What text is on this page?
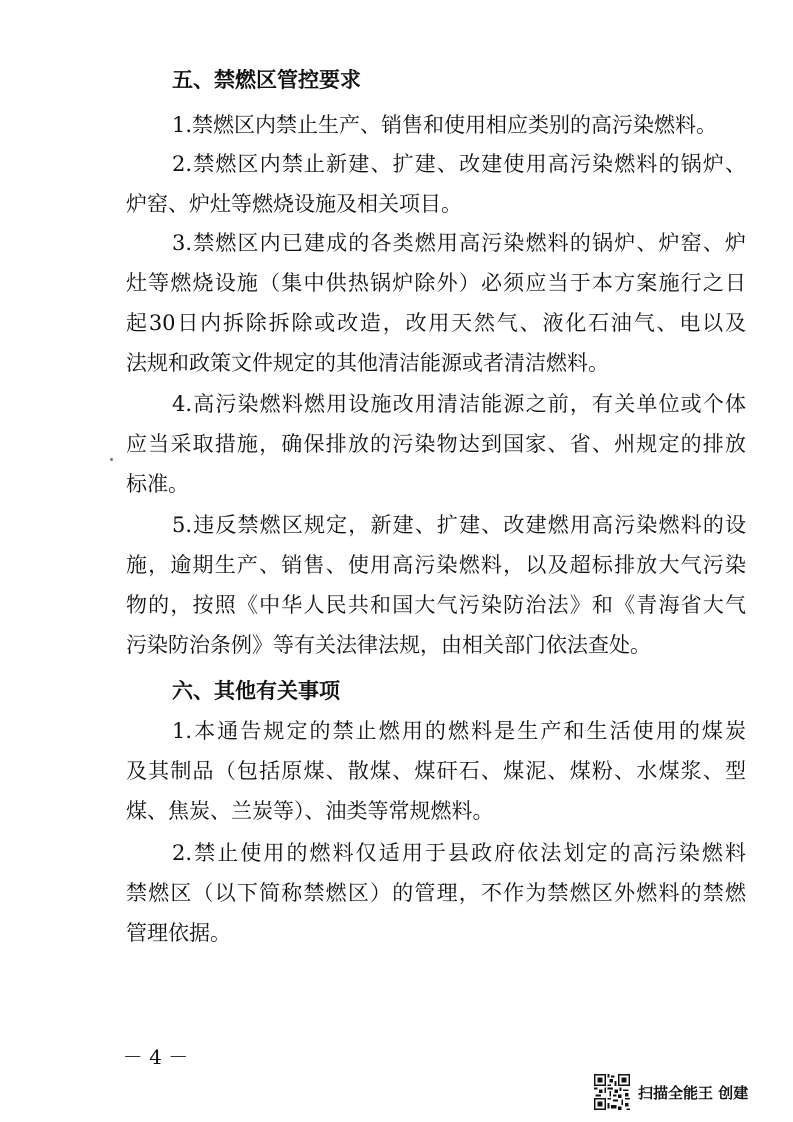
五、禁燃区管控要求
1.禁燃区内禁止生产、销售和使用相应类别的高污染燃料。
2.禁燃区内禁止新建、扩建、改建使用高污染燃料的锅炉、
炉窑、炉灶等燃烧设施及相关项目。
3.禁燃区内已建成的各类燃用高污染燃料的锅炉、炉窑、炉
灶等燃烧设施（集中供热锅炉除外）必须应当于本方案施行之日
起30日内拆除拆除或改造，改用天然气、液化石油气、电以及
法规和政策文件规定的其他清洁能源或者清洁燃料。
4.高污染燃料燃用设施改用清洁能源之前，有关单位或个体
应当采取措施，确保排放的污染物达到国家、省、州规定的排放
标准。
5.违反禁燃区规定，新建、扩建、改建燃用高污染燃料的设
施，逾期生产、销售、使用高污染燃料，以及超标排放大气污染
物的，按照《中华人民共和国大气污染防治法》和《青海省大气
污染防治条例》等有关法律法规，由相关部门依法查处。
六、其他有关事项
1.本通告规定的禁止燃用的燃料是生产和生活使用的煤炭
及其制品（包括原煤、散煤、煤矸石、煤泥、煤粉、水煤浆、型
煤、焦炭、兰炭等）、油类等常规燃料。
2.禁止使用的燃料仅适用于县政府依法划定的高污染燃料
禁燃区（以下简称禁燃区）的管理，不作为禁燃区外燃料的禁燃
管理依据。
－ 4 －
扫描全能王 创建
